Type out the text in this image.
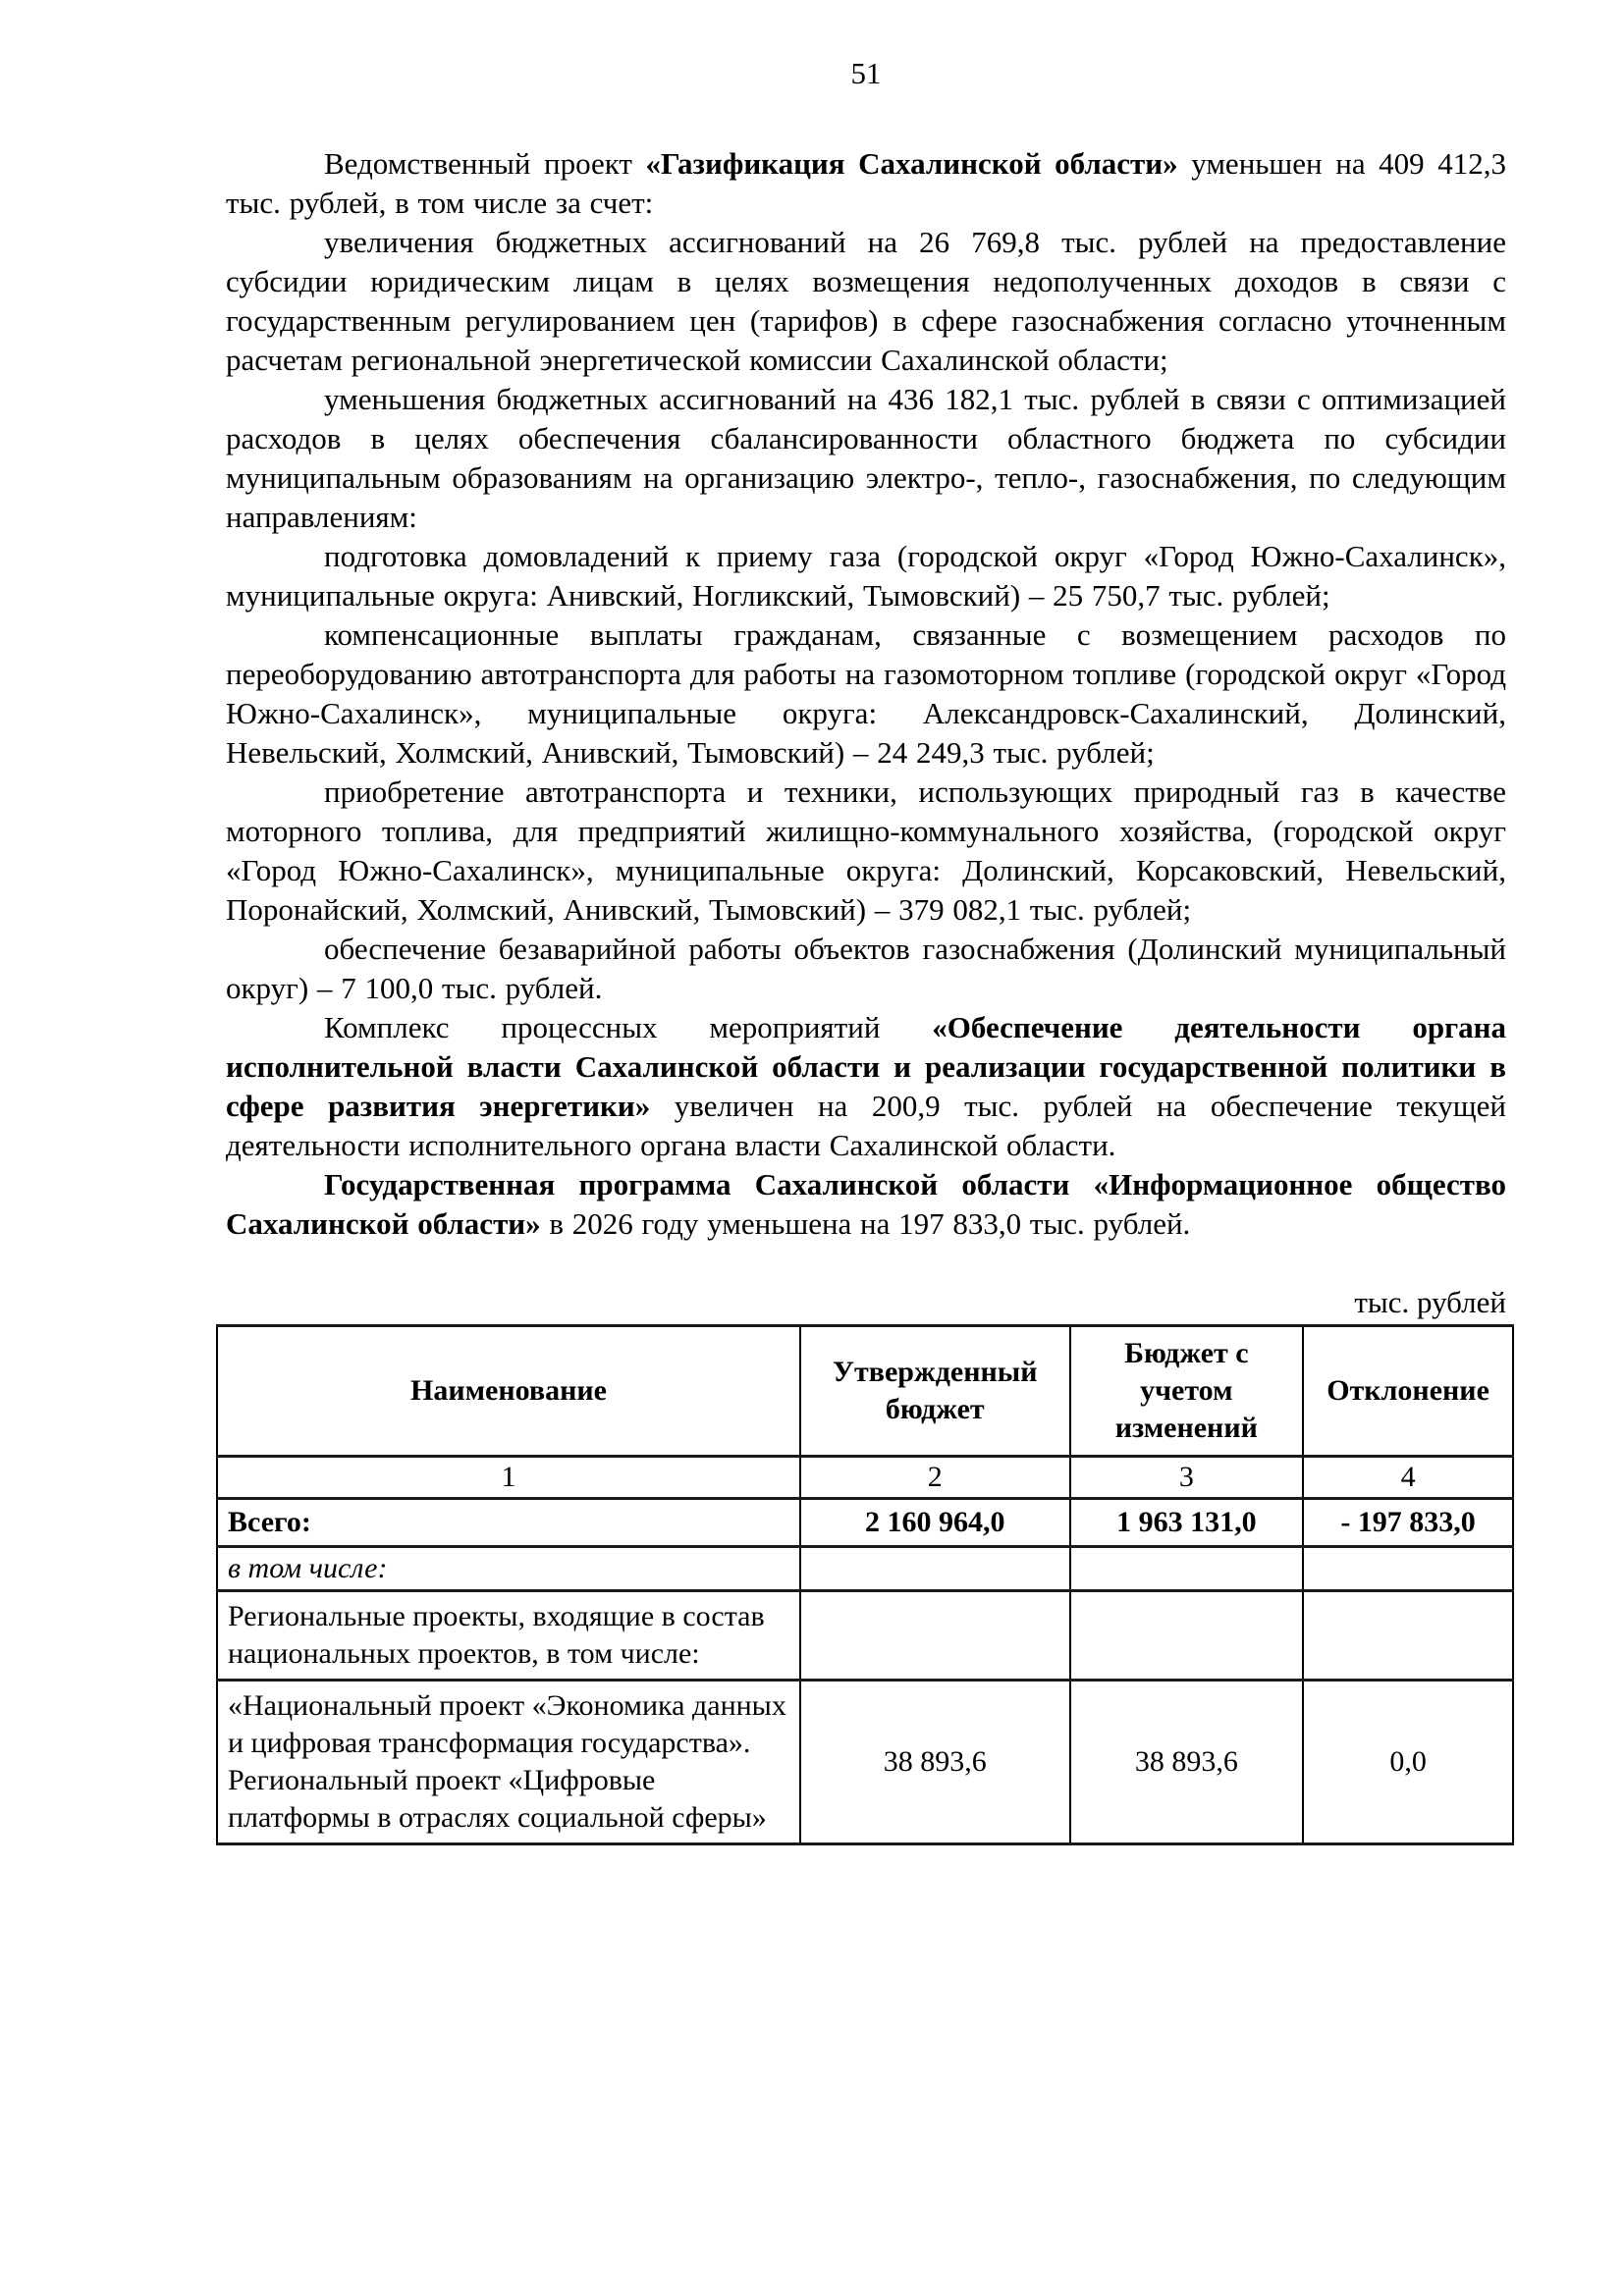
51

Ведомственный проект «Газификация Сахалинской области» уменьшен на 409 412,3 тыс. рублей, в том числе за счет:

увеличения бюджетных ассигнований на 26 769,8 тыс. рублей на предоставление субсидии юридическим лицам в целях возмещения недополученных доходов в связи с государственным регулированием цен (тарифов) в сфере газоснабжения согласно уточненным расчетам региональной энергетической комиссии Сахалинской области;

уменьшения бюджетных ассигнований на 436 182,1 тыс. рублей в связи с оптимизацией расходов в целях обеспечения сбалансированности областного бюджета по субсидии муниципальным образованиям на организацию электро-, тепло-, газоснабжения, по следующим направлениям:

подготовка домовладений к приему газа (городской округ «Город Южно-Сахалинск», муниципальные округа: Анивский, Ногликский, Тымовский) – 25 750,7 тыс. рублей;

компенсационные выплаты гражданам, связанные с возмещением расходов по переоборудованию автотранспорта для работы на газомоторном топливе (городской округ «Город Южно-Сахалинск», муниципальные округа: Александровск-Сахалинский, Долинский, Невельский, Холмский, Анивский, Тымовский) – 24 249,3 тыс. рублей;

приобретение автотранспорта и техники, использующих природный газ в качестве моторного топлива, для предприятий жилищно-коммунального хозяйства, (городской округ «Город Южно-Сахалинск», муниципальные округа: Долинский, Корсаковский, Невельский, Поронайский, Холмский, Анивский, Тымовский) – 379 082,1 тыс. рублей;

обеспечение безаварийной работы объектов газоснабжения (Долинский муниципальный округ) – 7 100,0 тыс. рублей.

Комплекс процессных мероприятий «Обеспечение деятельности органа исполнительной власти Сахалинской области и реализации государственной политики в сфере развития энергетики» увеличен на 200,9 тыс. рублей на обеспечение текущей деятельности исполнительного органа власти Сахалинской области.

Государственная программа Сахалинской области «Информационное общество Сахалинской области» в 2026 году уменьшена на 197 833,0 тыс. рублей.

тыс. рублей
Наименование	Утвержденный бюджет	Бюджет с учетом изменений	Отклонение
1	2	3	4
Всего:	2 160 964,0	1 963 131,0	- 197 833,0
в том числе:			
Региональные проекты, входящие в состав национальных проектов, в том числе:			
«Национальный проект «Экономика данных и цифровая трансформация государства». Региональный проект «Цифровые платформы в отраслях социальной сферы»	38 893,6	38 893,6	0,0
